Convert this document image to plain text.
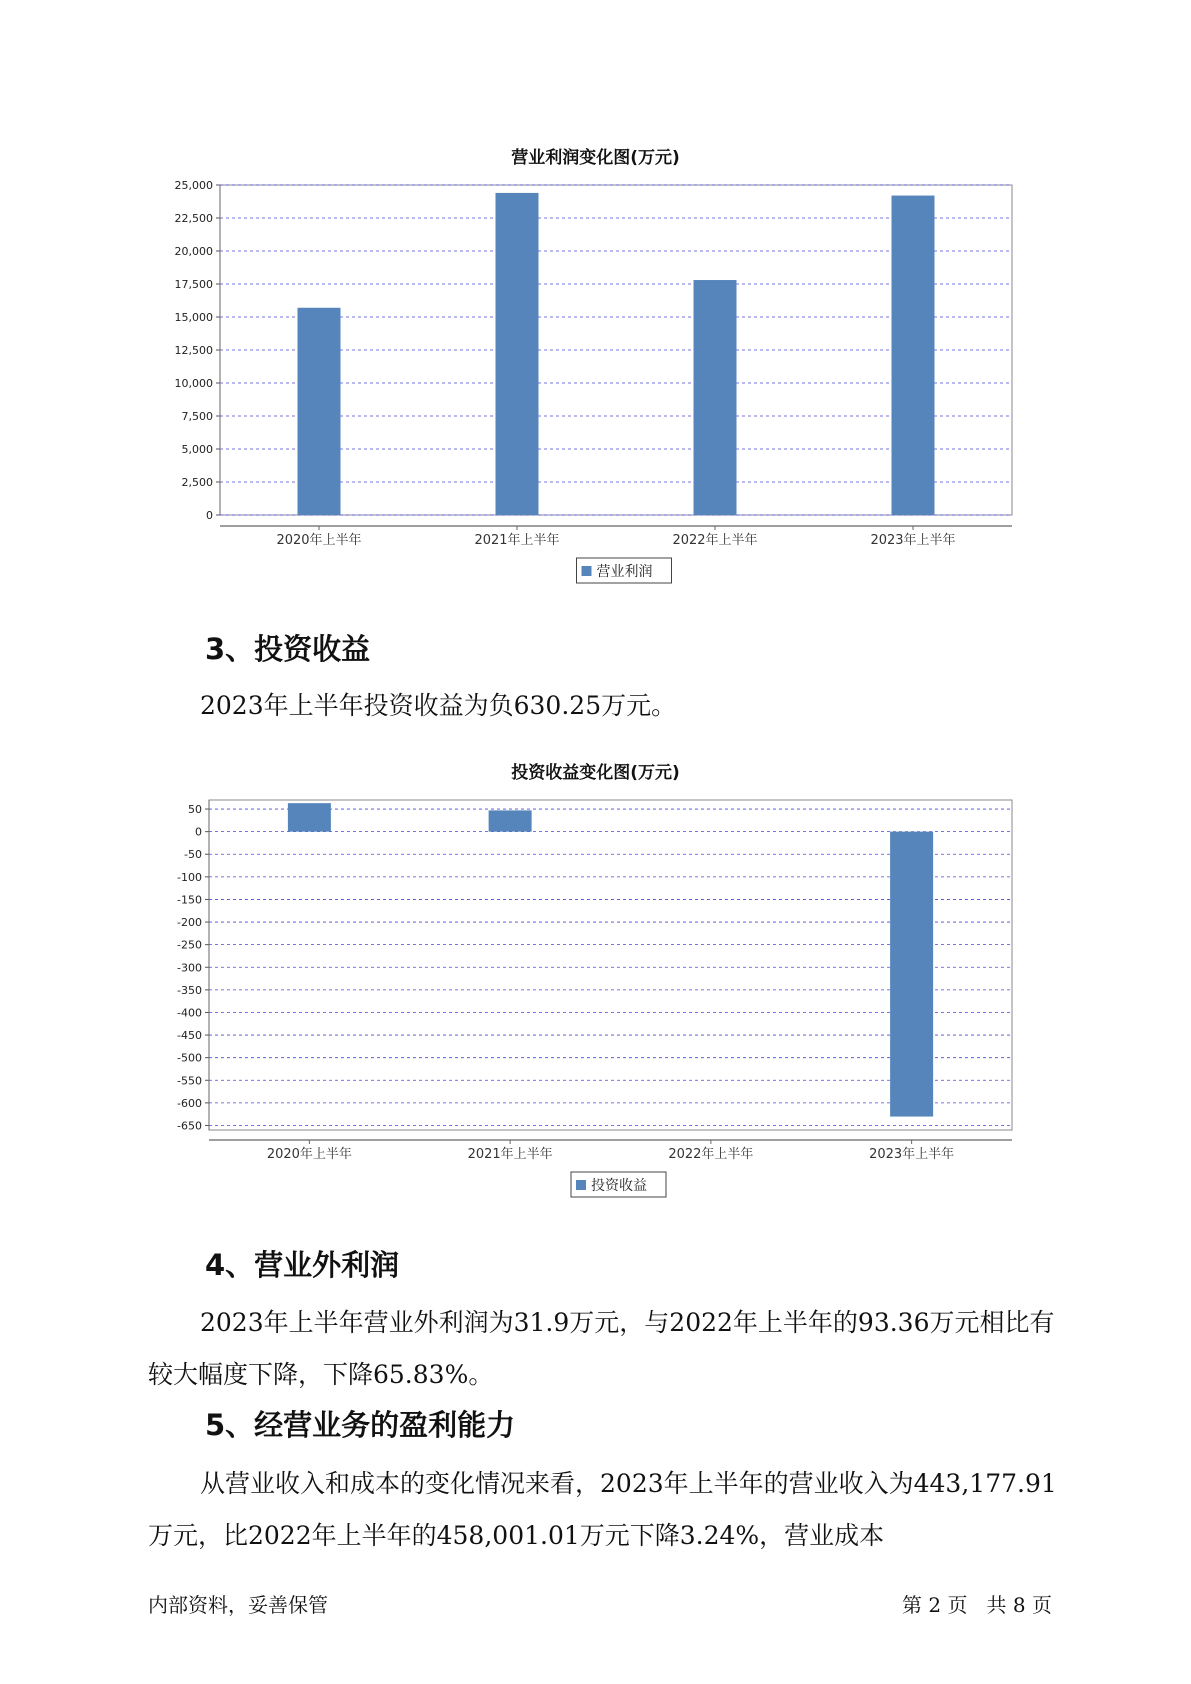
营业利润变化图(万元)
0
2,500
5,000
7,500
10,000
12,500
15,000
17,500
20,000
22,500
25,000
2020年上半年	2021年上半年	2022年上半年	2023年上半年
营业利润
3、投资收益

2023年上半年投资收益为负630.25万元。

投资收益变化图(万元)
50
0
-50
-100
-150
-200
-250
-300
-350
-400
-450
-500
-550
-600
-650
2020年上半年	2021年上半年	2022年上半年	2023年上半年
投资收益
4、营业外利润

2023年上半年营业外利润为31.9万元，与2022年上半年的93.36万元相比有较大幅度下降，下降65.83%。

5、经营业务的盈利能力

从营业收入和成本的变化情况来看，2023年上半年的营业收入为443,177.91万元，比2022年上半年的458,001.01万元下降3.24%，营业成本

内部资料，妥善保管	第 2 页   共 8 页
